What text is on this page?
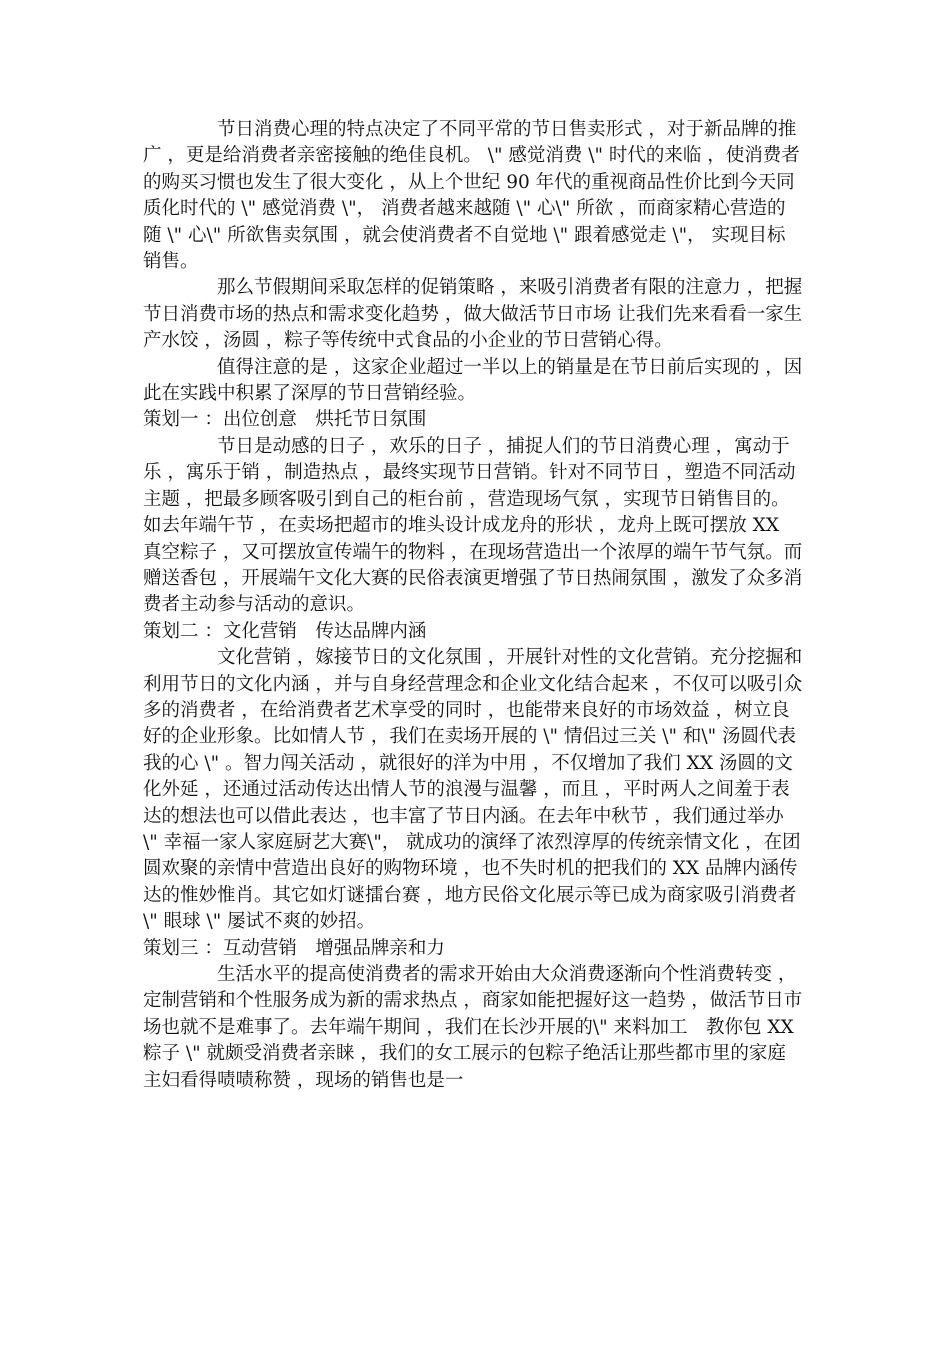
节日消费心理的特点决定了不同平常的节日售卖形式 ，对于新品牌的推广 ，更是给消费者亲密接触的绝佳良机。 \" 感觉消费 \" 时代的来临 ，使消费者的购买习惯也发生了很大变化 ，从上个世纪 90 年代的重视商品性价比到今天同质化时代的 \" 感觉消费 \"， 消费者越来越随 \" 心\" 所欲 ，而商家精心营造的随 \" 心\" 所欲售卖氛围 ，就会使消费者不自觉地 \" 跟着感觉走 \"， 实现目标销售。

那么节假期间采取怎样的促销策略 ，来吸引消费者有限的注意力 ，把握节日消费市场的热点和需求变化趋势 ，做大做活节日市场 让我们先来看看一家生产水饺 ，汤圆 ，粽子等传统中式食品的小企业的节日营销心得。

值得注意的是 ，这家企业超过一半以上的销量是在节日前后实现的 ，因此在实践中积累了深厚的节日营销经验。

策划一 ：出位创意　烘托节日氛围

节日是动感的日子 ，欢乐的日子 ，捕捉人们的节日消费心理 ，寓动于乐 ，寓乐于销 ，制造热点 ，最终实现节日营销。针对不同节日 ，塑造不同活动主题 ，把最多顾客吸引到自己的柜台前 ，营造现场气氛 ，实现节日销售目的。如去年端午节 ，在卖场把超市的堆头设计成龙舟的形状 ，龙舟上既可摆放 XX 真空粽子 ，又可摆放宣传端午的物料 ，在现场营造出一个浓厚的端午节气氛。而赠送香包 ，开展端午文化大赛的民俗表演更增强了节日热闹氛围 ，激发了众多消费者主动参与活动的意识。

策划二 ：文化营销　传达品牌内涵

文化营销 ，嫁接节日的文化氛围 ，开展针对性的文化营销。充分挖掘和利用节日的文化内涵 ，并与自身经营理念和企业文化结合起来 ，不仅可以吸引众多的消费者 ，在给消费者艺术享受的同时 ，也能带来良好的市场效益 ，树立良好的企业形象。比如情人节 ，我们在卖场开展的 \" 情侣过三关 \" 和\" 汤圆代表我的心 \" 。智力闯关活动 ，就很好的洋为中用 ，不仅增加了我们 XX 汤圆的文化外延 ，还通过活动传达出情人节的浪漫与温馨 ，而且 ，平时两人之间羞于表达的想法也可以借此表达 ，也丰富了节日内涵。在去年中秋节 ，我们通过举办 \" 幸福一家人家庭厨艺大赛\"， 就成功的演绎了浓烈淳厚的传统亲情文化 ，在团圆欢聚的亲情中营造出良好的购物环境 ，也不失时机的把我们的 XX 品牌内涵传达的惟妙惟肖。其它如灯谜擂台赛 ，地方民俗文化展示等已成为商家吸引消费者\" 眼球 \" 屡试不爽的妙招。

策划三 ：互动营销　增强品牌亲和力

生活水平的提高使消费者的需求开始由大众消费逐渐向个性消费转变 ，定制营销和个性服务成为新的需求热点 ，商家如能把握好这一趋势 ，做活节日市场也就不是难事了。去年端午期间 ，我们在长沙开展的\" 来料加工　教你包 XX 粽子 \" 就颇受消费者亲睐 ，我们的女工展示的包粽子绝活让那些都市里的家庭主妇看得啧啧称赞 ，现场的销售也是一
